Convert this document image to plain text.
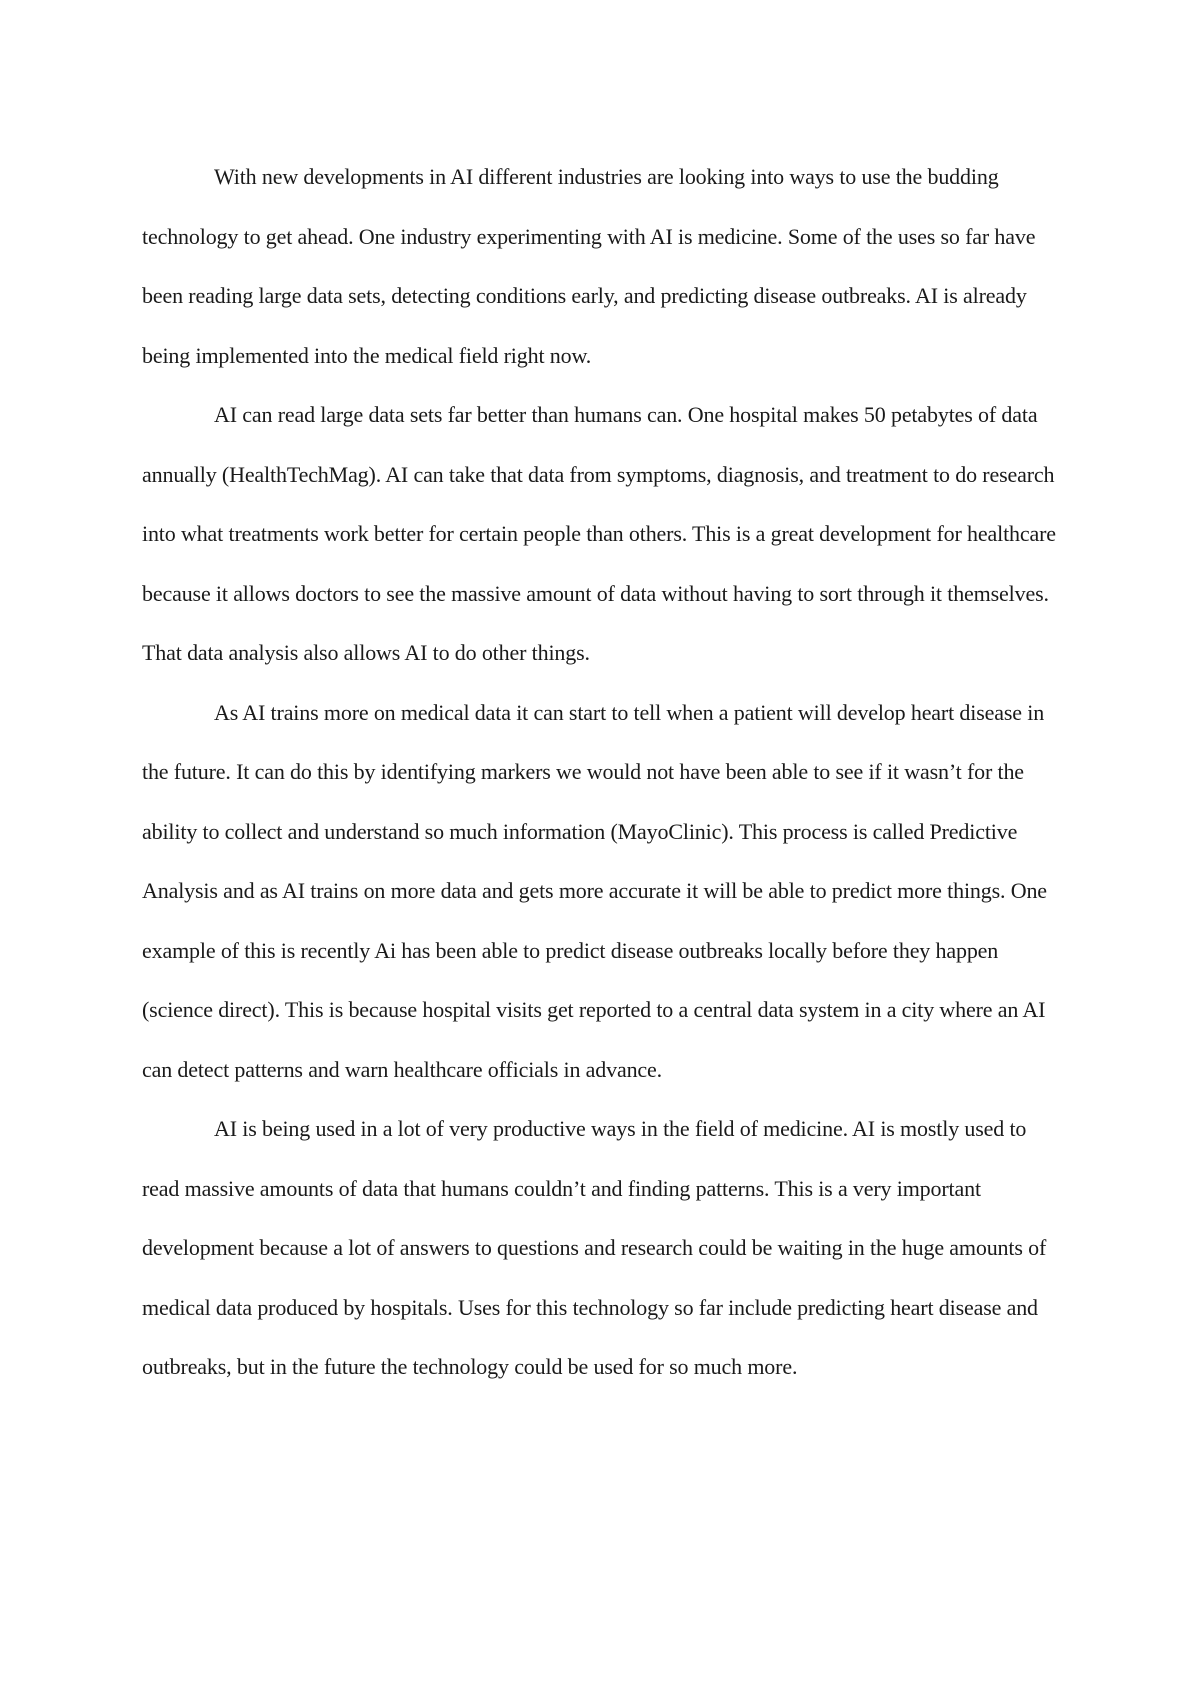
With new developments in AI different industries are looking into ways to use the budding technology to get ahead. One industry experimenting with AI is medicine. Some of the uses so far have been reading large data sets, detecting conditions early, and predicting disease outbreaks. AI is already being implemented into the medical field right now.

AI can read large data sets far better than humans can. One hospital makes 50 petabytes of data annually (HealthTechMag). AI can take that data from symptoms, diagnosis, and treatment to do research into what treatments work better for certain people than others. This is a great development for healthcare because it allows doctors to see the massive amount of data without having to sort through it themselves. That data analysis also allows AI to do other things.

As AI trains more on medical data it can start to tell when a patient will develop heart disease in the future. It can do this by identifying markers we would not have been able to see if it wasn’t for the ability to collect and understand so much information (MayoClinic). This process is called Predictive Analysis and as AI trains on more data and gets more accurate it will be able to predict more things. One example of this is recently Ai has been able to predict disease outbreaks locally before they happen (science direct). This is because hospital visits get reported to a central data system in a city where an AI can detect patterns and warn healthcare officials in advance.

AI is being used in a lot of very productive ways in the field of medicine. AI is mostly used to read massive amounts of data that humans couldn’t and finding patterns. This is a very important development because a lot of answers to questions and research could be waiting in the huge amounts of medical data produced by hospitals. Uses for this technology so far include predicting heart disease and outbreaks, but in the future the technology could be used for so much more.
